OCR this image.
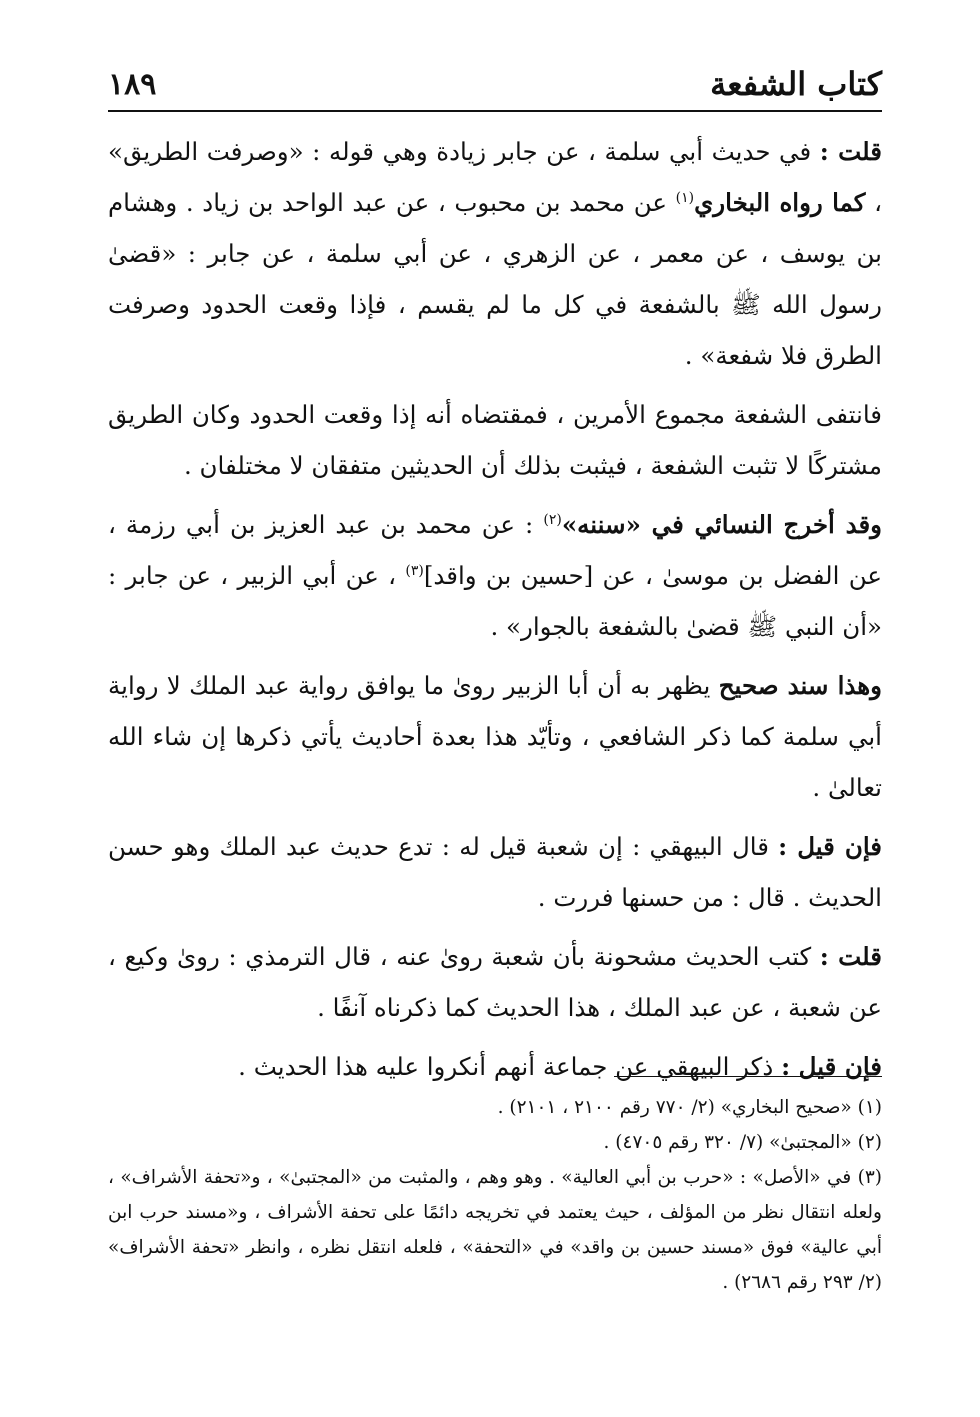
كتاب الشفعة
١٨٩

قلت : في حديث أبي سلمة ، عن جابر زيادة وهي قوله : «وصرفت الطريق» ، كما رواه البخاري$^{(١)}$ عن محمد بن محبوب ، عن عبد الواحد بن زياد . وهشام بن يوسف ، عن معمر ، عن الزهري ، عن أبي سلمة ، عن جابر : «قضىٰ رسول الله ﷺ بالشفعة في كل ما لم يقسم ، فإذا وقعت الحدود وصرفت الطرق فلا شفعة» .

فانتفى الشفعة مجموع الأمرين ، فمقتضاه أنه إذا وقعت الحدود وكان الطريق مشتركًا لا تثبت الشفعة ، فيثبت بذلك أن الحديثين متفقان لا مختلفان .

وقد أخرج النسائي في «سننه»$^{(٢)}$ : عن محمد بن عبد العزيز بن أبي رزمة ، عن الفضل بن موسىٰ ، عن [حسين بن واقد]$^{(٣)}$ ، عن أبي الزبير ، عن جابر : «أن النبي ﷺ قضىٰ بالشفعة بالجوار» .

وهذا سند صحيح يظهر به أن أبا الزبير روىٰ ما يوافق رواية عبد الملك لا رواية أبي سلمة كما ذكر الشافعي ، وتأيّد هذا بعدة أحاديث يأتي ذكرها إن شاء الله تعالىٰ .

فإن قيل : قال البيهقي : إن شعبة قيل له : تدع حديث عبد الملك وهو حسن الحديث . قال : من حسنها فررت .

قلت : كتب الحديث مشحونة بأن شعبة روىٰ عنه ، قال الترمذي : روىٰ وكيع ، عن شعبة ، عن عبد الملك ، هذا الحديث كما ذكرناه آنفًا .

فإن قيل : ذكر البيهقي عن جماعة أنهم أنكروا عليه هذا الحديث .

(١) «صحيح البخاري» (٢/ ٧٧٠ رقم ٢١٠٠ ، ٢١٠١) .

(٢) «المجتبىٰ» (٧/ ٣٢٠ رقم ٤٧٠٥) .

(٣) في «الأصل» : «حرب بن أبي العالية» . وهو وهم ، والمثبت من «المجتبىٰ» ، و«تحفة الأشراف» ، ولعله انتقال نظر من المؤلف ، حيث يعتمد في تخريجه دائمًا على تحفة الأشراف ، و«مسند حرب ابن أبي عالية» فوق «مسند حسين بن واقد» في «التحفة» ، فلعله انتقل نظره ، وانظر «تحفة الأشراف» (٢/ ٢٩٣ رقم ٢٦٨٦) .
